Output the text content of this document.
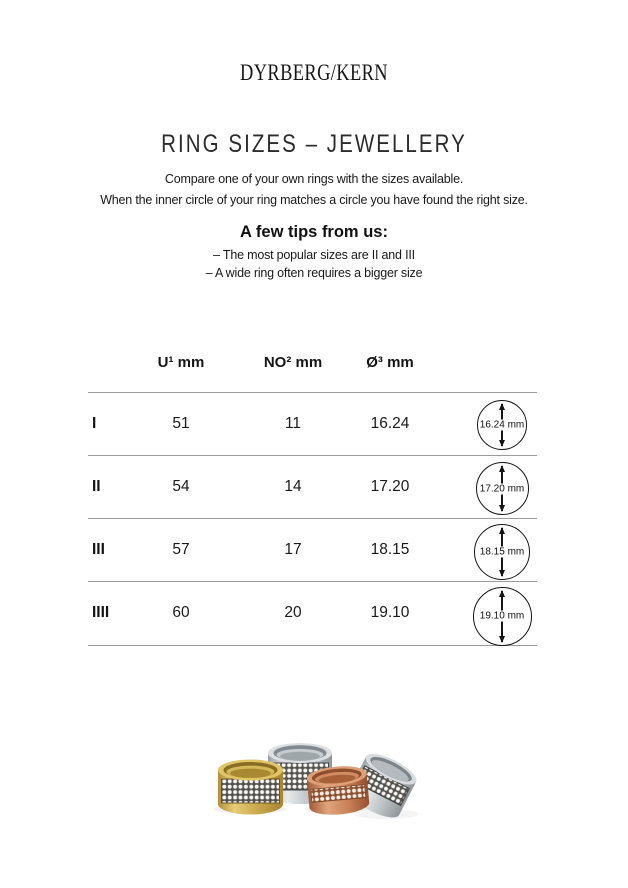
DYRBERG/KERN
RING SIZES – JEWELLERY
Compare one of your own rings with the sizes available.
When the inner circle of your ring matches a circle you have found the right size.
A few tips from us:
– The most popular sizes are II and III
– A wide ring often requires a bigger size
U¹ mm	NO² mm	Ø³ mm
I	51	11	16.24
II	54	14	17.20
III	57	17	18.15
IIII	60	20	19.10
16.24 mm
17.20 mm
18.15 mm
19.10 mm
